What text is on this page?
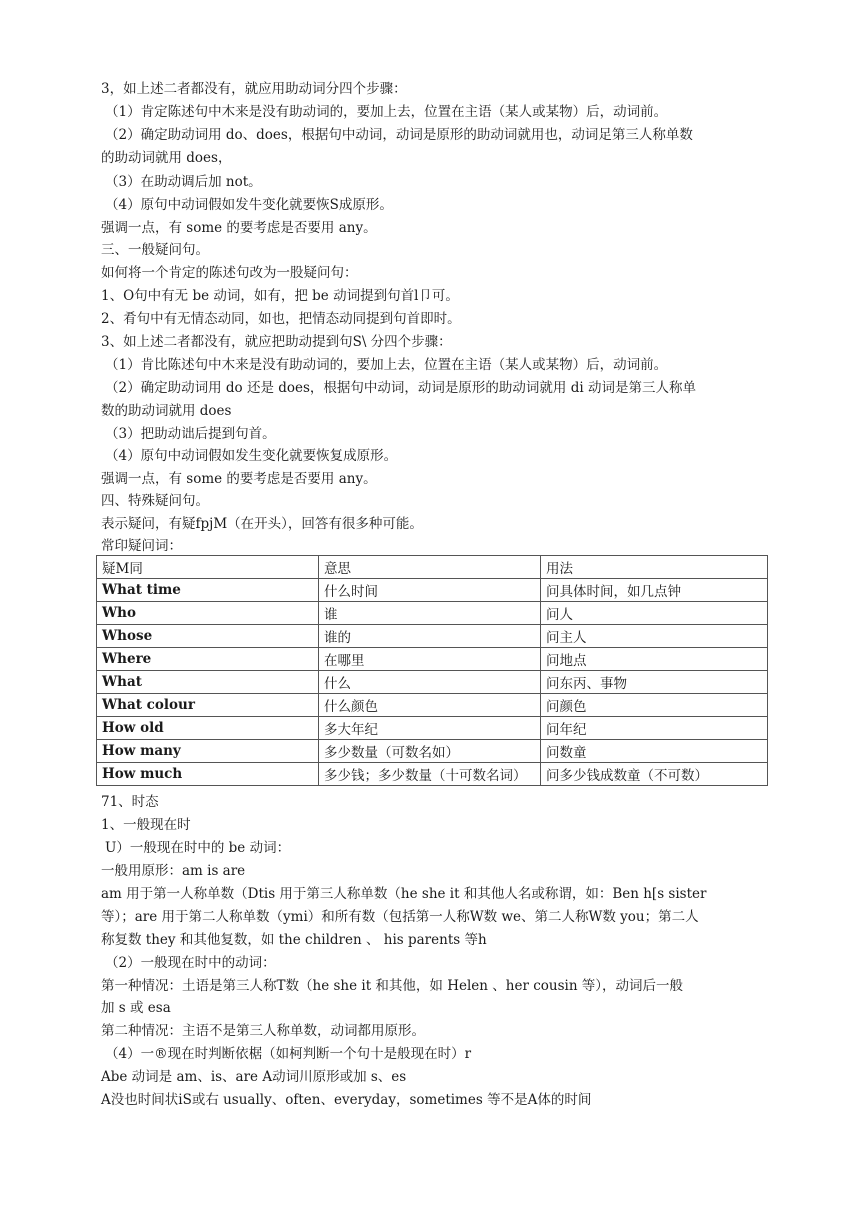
3，如上述二者都没有，就应用助动词分四个步骤：
（1）肯定陈述句中木来是没有助动词的，要加上去，位置在主语（某人或某物）后，动词前。
（2）确定助动词用 do、does，根据句中动词，动词是原形的助动词就用也，动词足第三人称单数
的助动词就用 does，
（3）在助动调后加 not。
（4）原句中动词假如发牛变化就要恢S成原形。
强调一点，有 some 的要考虑是否要用 any。
三、一般疑问句。
如何将一个肯定的陈述句改为一股疑问句：
1、O句中有无 be 动词，如有，把 be 动词提到句首l卩可。
2、肴句中有无情态动同，如也，把情态动同提到句首即时。
3、如上述二者都没有，就应把助动提到句S\ 分四个步骤：
（1）肯比陈述句中木来是没有助动词的，要加上去，位置在主语（某人或某物）后，动词前。
（2）确定助动词用 do 还是 does，根据句中动词，动词是原形的助动词就用 di 动词是第三人称单
数的助动词就用 does
（3）把助动诎后提到句首。
（4）原句中动词假如发生变化就要恢复成原形。
强调一点，有 some 的要考虑是否要用 any。
四、特殊疑问句。
表示疑问，有疑fpjM（在开头），回答有很多种可能。
常印疑问词：
疑M同	意思	用法
What time	什么时间	问具体时间，如几点钟
Who	谁	问人
Whose	谁的	问主人
Where	在哪里	问地点
What	什么	问东丙、事物
What colour	什么颜色	问颜色
How old	多大年纪	问年纪
How many	多少数量（可数名如）	问数童
How much	多少钱；多少数量（十可数名词）	问多少钱成数童（不可数）
71、时态
1、一般现在时
U）一般现在时中的 be 动词：
一般用原形：am is are
am 用于第一人称单数（Dtis 用于第三人称单数（he she it 和其他人名或称谓，如：Ben h[s sister
等）；are 用于第二人称单数（ymi）和所有数（包括第一人称W数 we、第二人称W数 you；第二人
称复数 they 和其他复数，如 the children 、 his parents 等h
（2）一般现在时中的动词：
第一种情况：土语是第三人称T数（he she it 和其他，如 Helen 、her cousin 等），动词后一般
加 s 或 esa
第二种情况：主语不是第三人称单数，动词都用原形。
（4）一®现在时判断依椐（如柯判断一个句十是般现在时）r
Abe 动词是 am、is、are A动词川原形或加 s、es
A没也时间状iS或右 usually、often、everyday，sometimes 等不是A体的时间
